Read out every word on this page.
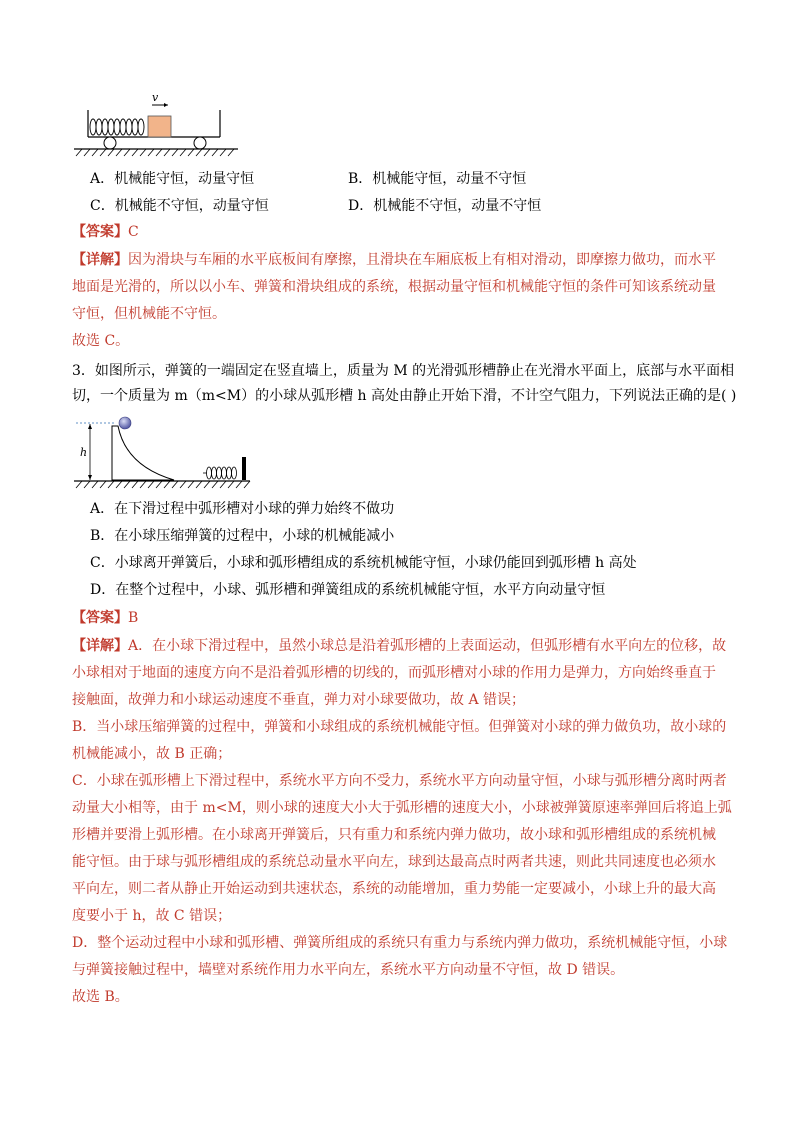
v
A．机械能守恒，动量守恒	B．机械能守恒，动量不守恒
C．机械能不守恒，动量守恒	D．机械能不守恒，动量不守恒
【答案】C
【详解】因为滑块与车厢的水平底板间有摩擦，且滑块在车厢底板上有相对滑动，即摩擦力做功，而水平
地面是光滑的，所以以小车、弹簧和滑块组成的系统，根据动量守恒和机械能守恒的条件可知该系统动量
守恒，但机械能不守恒。
故选 C。
3．如图所示，弹簧的一端固定在竖直墙上，质量为 M 的光滑弧形槽静止在光滑水平面上，底部与水平面相
切，一个质量为 m（m<M）的小球从弧形槽 h 高处由静止开始下滑，不计空气阻力，下列说法正确的是( )
h
A．在下滑过程中弧形槽对小球的弹力始终不做功
B．在小球压缩弹簧的过程中，小球的机械能减小
C．小球离开弹簧后，小球和弧形槽组成的系统机械能守恒，小球仍能回到弧形槽 h 高处
D．在整个过程中，小球、弧形槽和弹簧组成的系统机械能守恒，水平方向动量守恒
【答案】B
【详解】A．在小球下滑过程中，虽然小球总是沿着弧形槽的上表面运动，但弧形槽有水平向左的位移，故
小球相对于地面的速度方向不是沿着弧形槽的切线的，而弧形槽对小球的作用力是弹力，方向始终垂直于
接触面，故弹力和小球运动速度不垂直，弹力对小球要做功，故 A 错误；
B．当小球压缩弹簧的过程中，弹簧和小球组成的系统机械能守恒。但弹簧对小球的弹力做负功，故小球的
机械能减小，故 B 正确；
C．小球在弧形槽上下滑过程中，系统水平方向不受力，系统水平方向动量守恒，小球与弧形槽分离时两者
动量大小相等，由于 m<M，则小球的速度大小大于弧形槽的速度大小，小球被弹簧原速率弹回后将追上弧
形槽并要滑上弧形槽。在小球离开弹簧后，只有重力和系统内弹力做功，故小球和弧形槽组成的系统机械
能守恒。由于球与弧形槽组成的系统总动量水平向左，球到达最高点时两者共速，则此共同速度也必须水
平向左，则二者从静止开始运动到共速状态，系统的动能增加，重力势能一定要减小，小球上升的最大高
度要小于 h，故 C 错误；
D．整个运动过程中小球和弧形槽、弹簧所组成的系统只有重力与系统内弹力做功，系统机械能守恒，小球
与弹簧接触过程中，墙壁对系统作用力水平向左，系统水平方向动量不守恒，故 D 错误。
故选 B。
